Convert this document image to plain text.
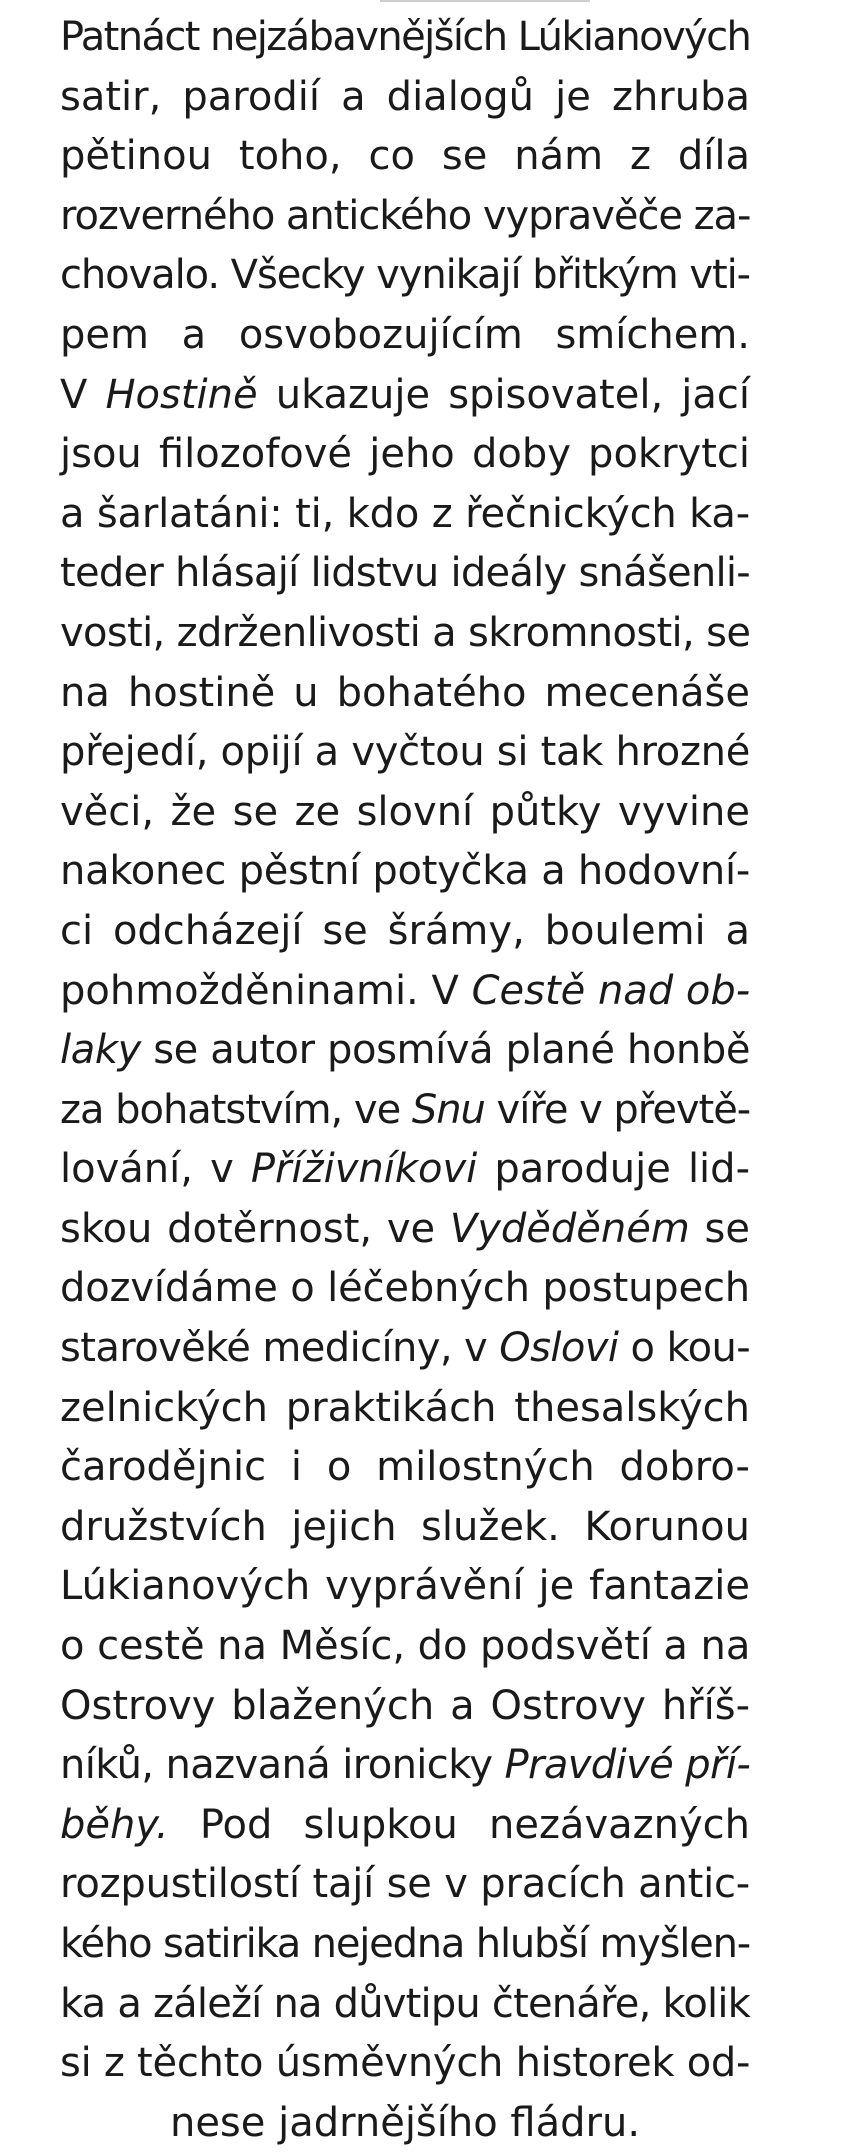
Patnáct nejzábavnějších Lúkianových
satir, parodií a dialogů je zhruba
pětinou toho, co se nám z díla
rozverného antického vypravěče za-
chovalo. Všecky vynikají břitkým vti-
pem a osvobozujícím smíchem.
V Hostině ukazuje spisovatel, jací
jsou filozofové jeho doby pokrytci
a šarlatáni: ti, kdo z řečnických ka-
teder hlásají lidstvu ideály snášenli-
vosti, zdrženlivosti a skromnosti, se
na hostině u bohatého mecenáše
přejedí, opijí a vyčtou si tak hrozné
věci, že se ze slovní půtky vyvine
nakonec pěstní potyčka a hodovní-
ci odcházejí se šrámy, boulemi a
pohmožděninami. V Cestě nad ob-
laky se autor posmívá plané honbě
za bohatstvím, ve Snu víře v převtě-
lování, v Příživníkovi paroduje lid-
skou dotěrnost, ve Vyděděném se
dozvídáme o léčebných postupech
starověké medicíny, v Oslovi o kou-
zelnických praktikách thesalských
čarodějnic i o milostných dobro-
družstvích jejich služek. Korunou
Lúkianových vyprávění je fantazie
o cestě na Měsíc, do podsvětí a na
Ostrovy blažených a Ostrovy hříš-
níků, nazvaná ironicky Pravdivé pří-
běhy. Pod slupkou nezávazných
rozpustilostí tají se v pracích antic-
kého satirika nejedna hlubší myšlen-
ka a záleží na důvtipu čtenáře, kolik
si z těchto úsměvných historek od-
nese jadrnějšího fládru.
